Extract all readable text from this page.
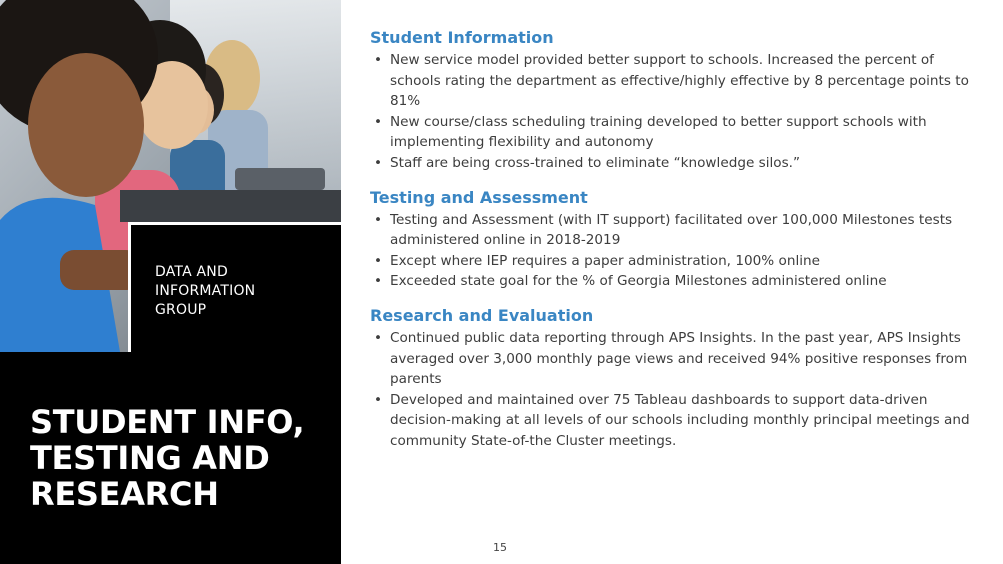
DATA AND INFORMATION GROUP
STUDENT INFO, TESTING AND RESEARCH
Student Information
• New service model provided better support to schools. Increased the percent of schools rating the department as effective/highly effective by 8 percentage points to 81%
• New course/class scheduling training developed to better support schools with implementing flexibility and autonomy
• Staff are being cross-trained to eliminate “knowledge silos.”
Testing and Assessment
• Testing and Assessment (with IT support) facilitated over 100,000 Milestones tests administered online in 2018-2019
• Except where IEP requires a paper administration, 100% online
• Exceeded state goal for the % of Georgia Milestones administered online
Research and Evaluation
• Continued public data reporting through APS Insights. In the past year, APS Insights averaged over 3,000 monthly page views and received 94% positive responses from parents
• Developed and maintained over 75 Tableau dashboards to support data-driven decision-making at all levels of our schools including monthly principal meetings and community State-of-the Cluster meetings.
15
